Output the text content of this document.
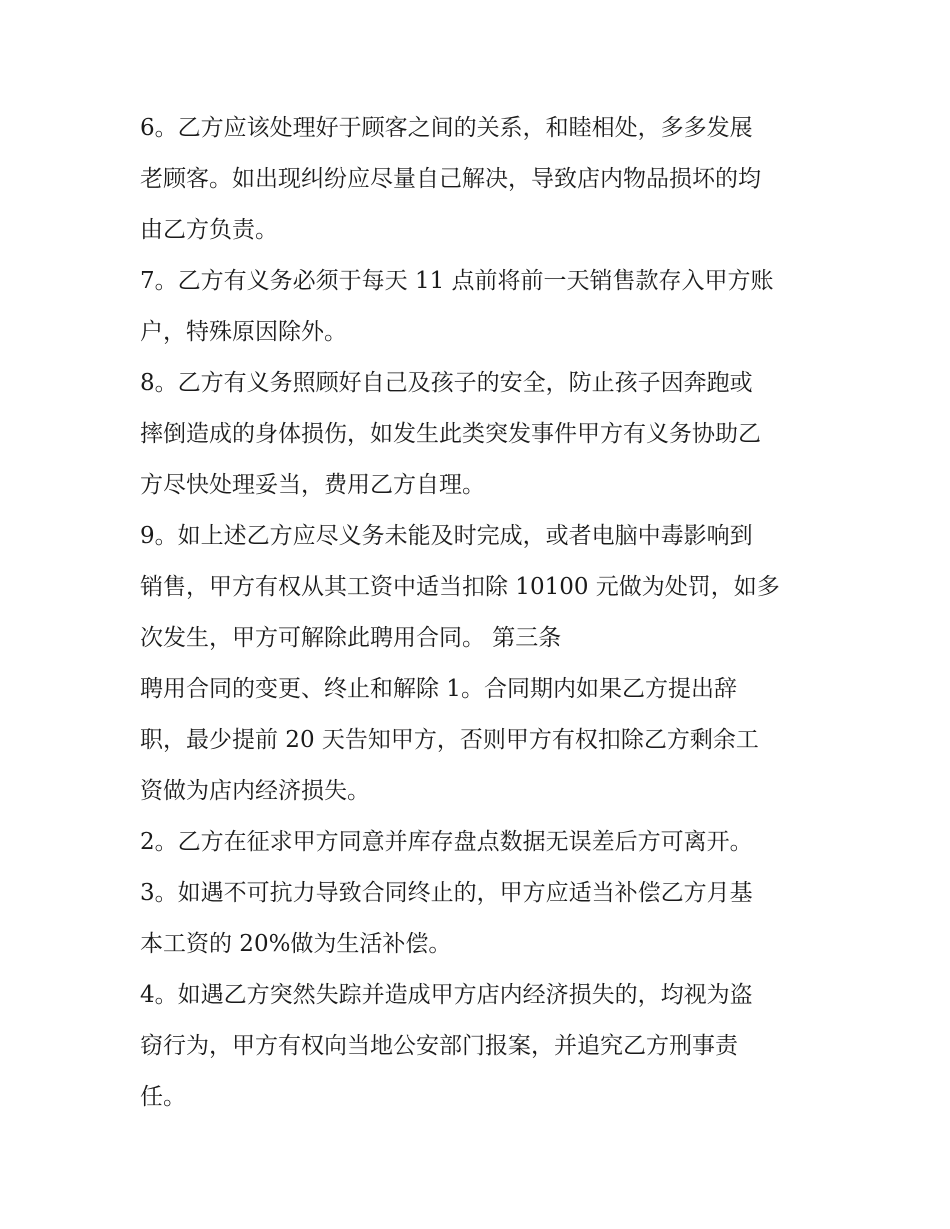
6。乙方应该处理好于顾客之间的关系，和睦相处，多多发展

老顾客。如出现纠纷应尽量自己解决，导致店内物品损坏的均

由乙方负责。

7。乙方有义务必须于每天 11 点前将前一天销售款存入甲方账

户，特殊原因除外。

8。乙方有义务照顾好自己及孩子的安全，防止孩子因奔跑或

摔倒造成的身体损伤，如发生此类突发事件甲方有义务协助乙

方尽快处理妥当，费用乙方自理。

9。如上述乙方应尽义务未能及时完成，或者电脑中毒影响到

销售，甲方有权从其工资中适当扣除 10100 元做为处罚，如多

次发生，甲方可解除此聘用合同。 第三条

聘用合同的变更、终止和解除 1。合同期内如果乙方提出辞

职，最少提前 20 天告知甲方，否则甲方有权扣除乙方剩余工

资做为店内经济损失。

2。乙方在征求甲方同意并库存盘点数据无误差后方可离开。

3。如遇不可抗力导致合同终止的，甲方应适当补偿乙方月基

本工资的 20%做为生活补偿。

4。如遇乙方突然失踪并造成甲方店内经济损失的，均视为盗

窃行为，甲方有权向当地公安部门报案，并追究乙方刑事责

任。
